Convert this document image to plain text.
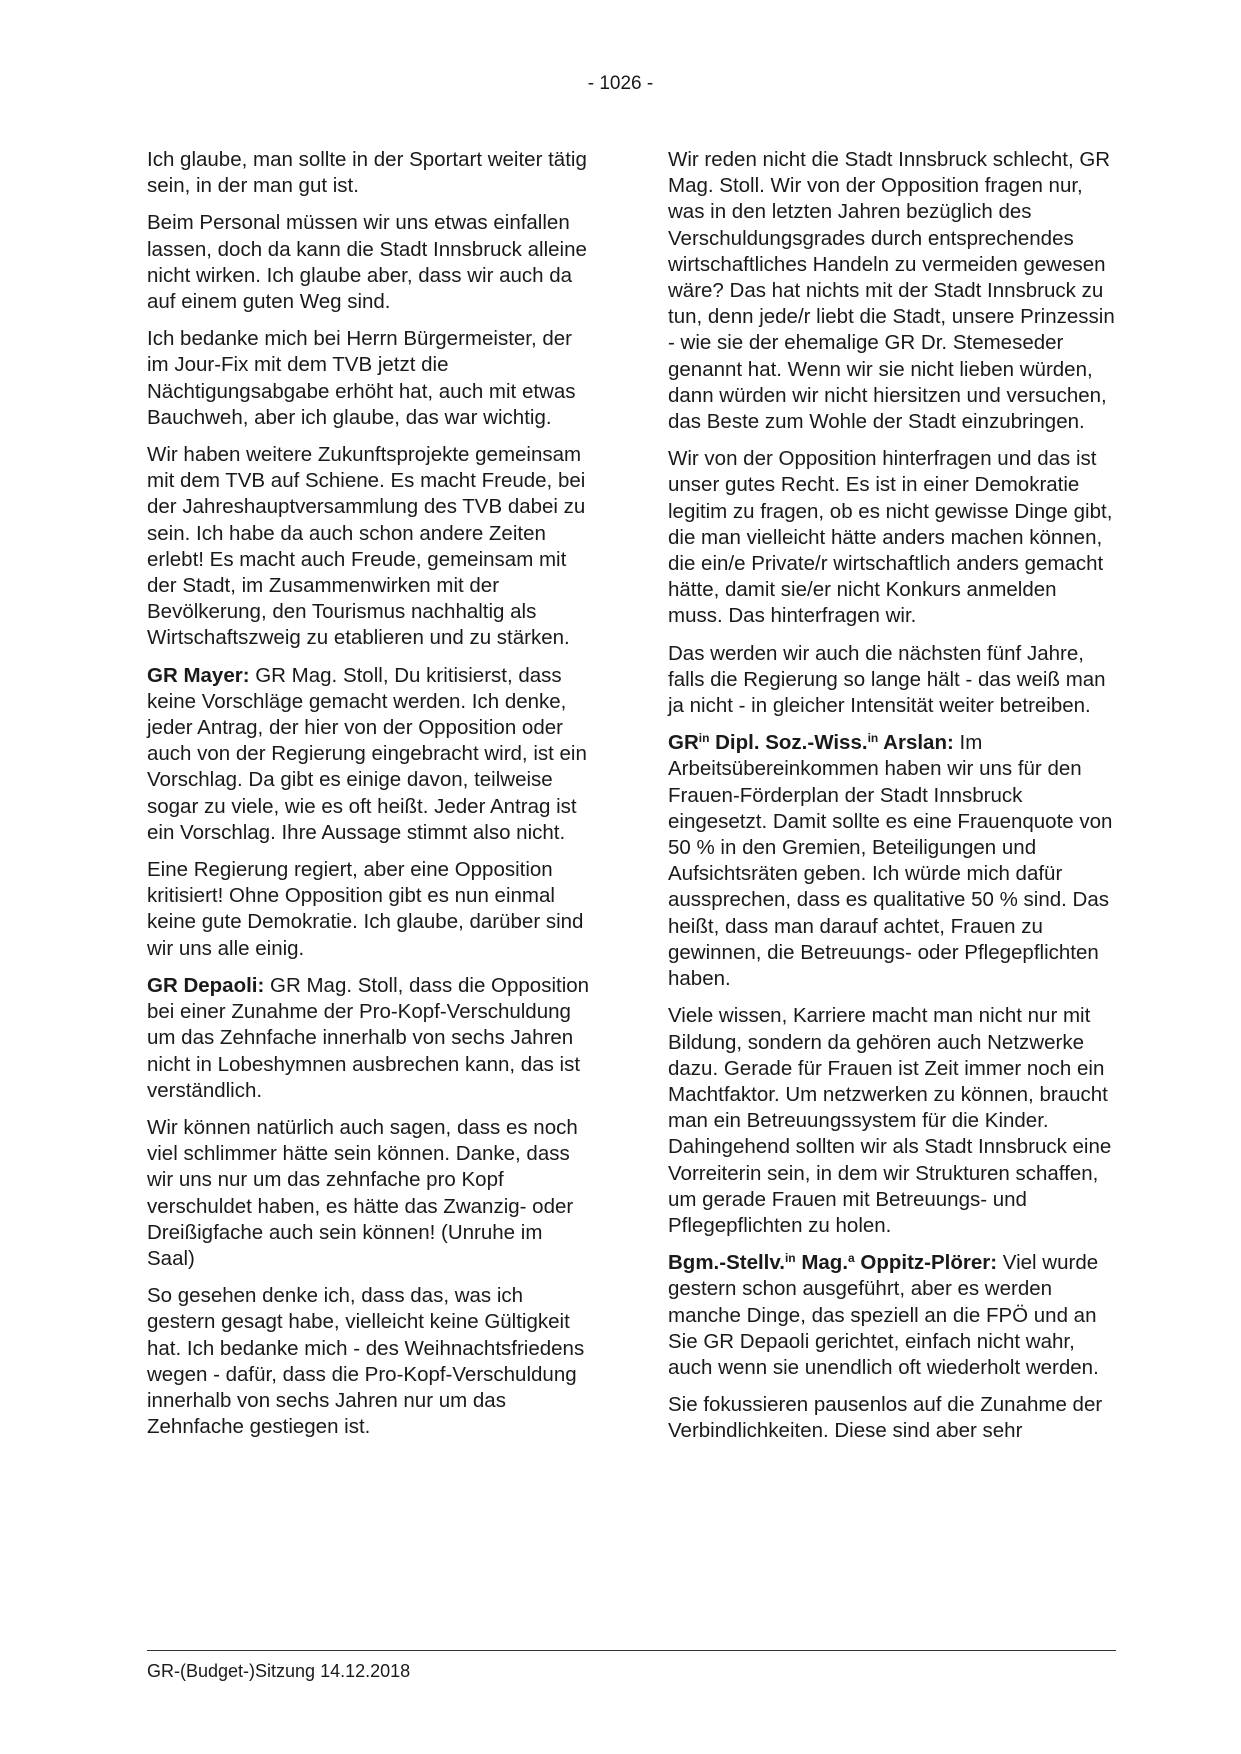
- 1026 -

Ich glaube, man sollte in der Sportart weiter tätig sein, in der man gut ist.

Beim Personal müssen wir uns etwas einfallen lassen, doch da kann die Stadt Innsbruck alleine nicht wirken. Ich glaube aber, dass wir auch da auf einem guten Weg sind.

Ich bedanke mich bei Herrn Bürgermeister, der im Jour-Fix mit dem TVB jetzt die Nächtigungsabgabe erhöht hat, auch mit etwas Bauchweh, aber ich glaube, das war wichtig.

Wir haben weitere Zukunftsprojekte gemeinsam mit dem TVB auf Schiene. Es macht Freude, bei der Jahreshauptversammlung des TVB dabei zu sein. Ich habe da auch schon andere Zeiten erlebt! Es macht auch Freude, gemeinsam mit der Stadt, im Zusammenwirken mit der Bevölkerung, den Tourismus nachhaltig als Wirtschaftszweig zu etablieren und zu stärken.

GR Mayer: GR Mag. Stoll, Du kritisierst, dass keine Vorschläge gemacht werden. Ich denke, jeder Antrag, der hier von der Opposition oder auch von der Regierung eingebracht wird, ist ein Vorschlag. Da gibt es einige davon, teilweise sogar zu viele, wie es oft heißt. Jeder Antrag ist ein Vorschlag. Ihre Aussage stimmt also nicht.

Eine Regierung regiert, aber eine Opposition kritisiert! Ohne Opposition gibt es nun einmal keine gute Demokratie. Ich glaube, darüber sind wir uns alle einig.

GR Depaoli: GR Mag. Stoll, dass die Opposition bei einer Zunahme der Pro-Kopf-Verschuldung um das Zehnfache innerhalb von sechs Jahren nicht in Lobeshymnen ausbrechen kann, das ist verständlich.

Wir können natürlich auch sagen, dass es noch viel schlimmer hätte sein können. Danke, dass wir uns nur um das zehnfache pro Kopf verschuldet haben, es hätte das Zwanzig- oder Dreißigfache auch sein können! (Unruhe im Saal)

So gesehen denke ich, dass das, was ich gestern gesagt habe, vielleicht keine Gültigkeit hat. Ich bedanke mich - des Weihnachtsfriedens wegen - dafür, dass die Pro-Kopf-Verschuldung innerhalb von sechs Jahren nur um das Zehnfache gestiegen ist.

Wir reden nicht die Stadt Innsbruck schlecht, GR Mag. Stoll. Wir von der Opposition fragen nur, was in den letzten Jahren bezüglich des Verschuldungsgrades durch entsprechendes wirtschaftliches Handeln zu vermeiden gewesen wäre? Das hat nichts mit der Stadt Innsbruck zu tun, denn jede/r liebt die Stadt, unsere Prinzessin - wie sie der ehemalige GR Dr. Stemeseder genannt hat. Wenn wir sie nicht lieben würden, dann würden wir nicht hiersitzen und versuchen, das Beste zum Wohle der Stadt einzubringen.

Wir von der Opposition hinterfragen und das ist unser gutes Recht. Es ist in einer Demokratie legitim zu fragen, ob es nicht gewisse Dinge gibt, die man vielleicht hätte anders machen können, die ein/e Private/r wirtschaftlich anders gemacht hätte, damit sie/er nicht Konkurs anmelden muss. Das hinterfragen wir.

Das werden wir auch die nächsten fünf Jahre, falls die Regierung so lange hält - das weiß man ja nicht - in gleicher Intensität weiter betreiben.

$GR^{in}$ Dipl. Soz.-Wiss.$^{in}$ Arslan: Im Arbeitsübereinkommen haben wir uns für den Frauen-Förderplan der Stadt Innsbruck eingesetzt. Damit sollte es eine Frauenquote von 50 % in den Gremien, Beteiligungen und Aufsichtsräten geben. Ich würde mich dafür aussprechen, dass es qualitative 50 % sind. Das heißt, dass man darauf achtet, Frauen zu gewinnen, die Betreuungs- oder Pflegepflichten haben.

Viele wissen, Karriere macht man nicht nur mit Bildung, sondern da gehören auch Netzwerke dazu. Gerade für Frauen ist Zeit immer noch ein Machtfaktor. Um netzwerken zu können, braucht man ein Betreuungssystem für die Kinder. Dahingehend sollten wir als Stadt Innsbruck eine Vorreiterin sein, in dem wir Strukturen schaffen, um gerade Frauen mit Betreuungs- und Pflegepflichten zu holen.

Bgm.-Stellv.$^{in}$ Mag.$^a$ Oppitz-Plörer: Viel wurde gestern schon ausgeführt, aber es werden manche Dinge, das speziell an die FPÖ und an Sie GR Depaoli gerichtet, einfach nicht wahr, auch wenn sie unendlich oft wiederholt werden.

Sie fokussieren pausenlos auf die Zunahme der Verbindlichkeiten. Diese sind aber sehr

GR-(Budget-)Sitzung 14.12.2018
